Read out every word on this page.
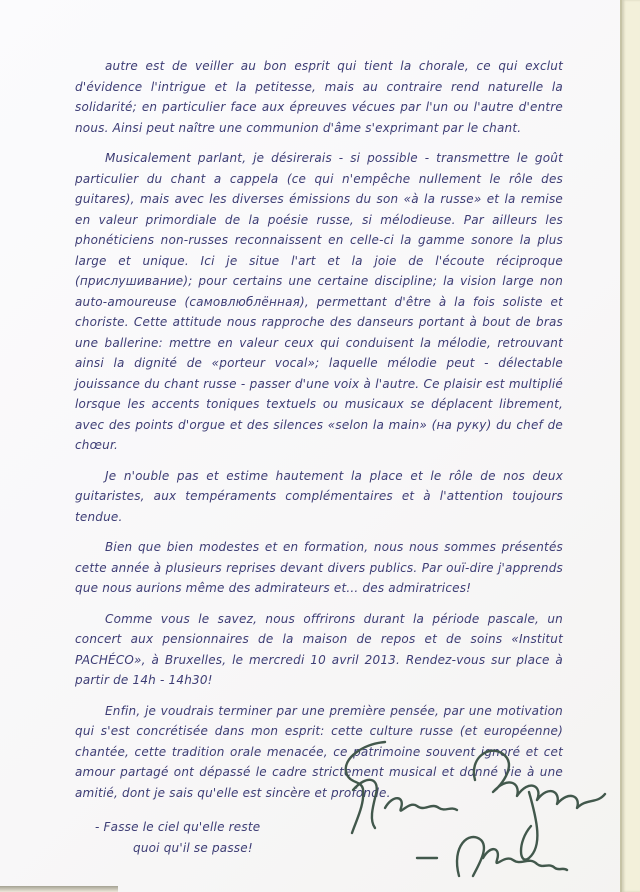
autre est de veiller au bon esprit qui tient la chorale, ce qui exclut d'évidence l'intrigue et la petitesse, mais au contraire rend naturelle la solidarité; en particulier face aux épreuves vécues par l'un ou l'autre d'entre nous. Ainsi peut naître une communion d'âme s'exprimant par le chant.

Musicalement parlant, je désirerais - si possible - transmettre le goût particulier du chant a cappela (ce qui n'empêche nullement le rôle des guitares), mais avec les diverses émissions du son «à la russe» et la remise en valeur primordiale de la poésie russe, si mélodieuse. Par ailleurs les phonéticiens non-russes reconnaissent en celle-ci la gamme sonore la plus large et unique. Ici je situe l'art et la joie de l'écoute réciproque (прислушивание); pour certains une certaine discipline; la vision large non auto-amoureuse (самовлюблённая), permettant d'être à la fois soliste et choriste. Cette attitude nous rapproche des danseurs portant à bout de bras une ballerine: mettre en valeur ceux qui conduisent la mélodie, retrouvant ainsi la dignité de «porteur vocal»; laquelle mélodie peut - délectable jouissance du chant russe - passer d'une voix à l'autre. Ce plaisir est multiplié lorsque les accents toniques textuels ou musicaux se déplacent librement, avec des points d'orgue et des silences «selon la main» (на руку) du chef de chœur.

Je n'ouble pas et estime hautement la place et le rôle de nos deux guitaristes, aux tempéraments complémentaires et à l'attention toujours tendue.

Bien que bien modestes et en formation, nous nous sommes présentés cette année à plusieurs reprises devant divers publics. Par ouï-dire j'apprends que nous aurions même des admirateurs et... des admiratrices!

Comme vous le savez, nous offrirons durant la période pascale, un concert aux pensionnaires de la maison de repos et de soins «Institut PACHÉCO», à Bruxelles, le mercredi 10 avril 2013. Rendez-vous sur place à partir de 14h - 14h30!

Enfin, je voudrais terminer par une première pensée, par une motivation qui s'est concrétisée dans mon esprit: cette culture russe (et européenne) chantée, cette tradition orale menacée, ce patrimoine souvent ignoré et cet amour partagé ont dépassé le cadre strictement musical et donné vie à une amitié, dont je sais qu'elle est sincère et profonde.

- Fasse le ciel qu'elle reste
quoi qu'il se passe!
